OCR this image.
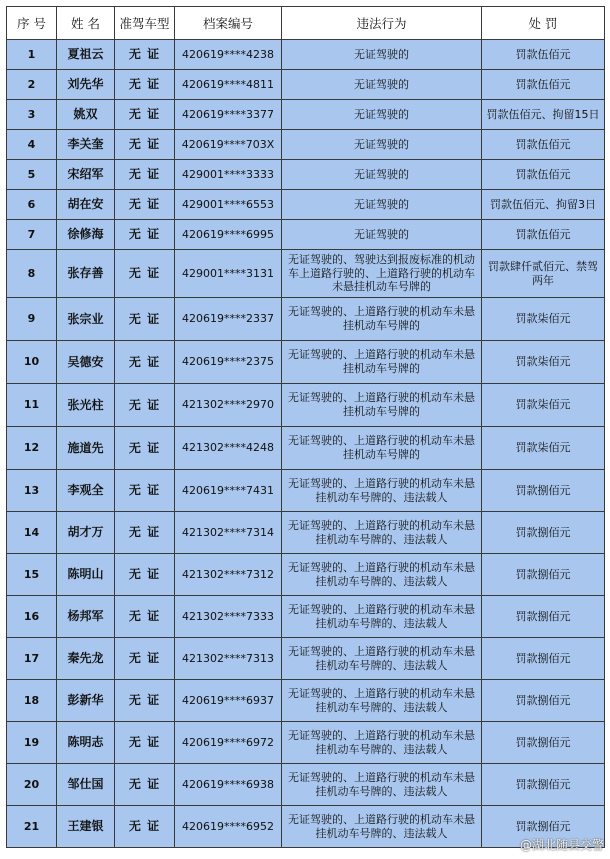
序 号	姓 名	准驾车型	档案编号	违法行为	处 罚
1	夏祖云	无 证	420619****4238	无证驾驶的	罚款伍佰元
2	刘先华	无 证	420619****4811	无证驾驶的	罚款伍佰元
3	姚双	无 证	420619****3377	无证驾驶的	罚款伍佰元、拘留15日
4	李关奎	无 证	420619****703X	无证驾驶的	罚款伍佰元
5	宋绍军	无 证	429001****3333	无证驾驶的	罚款伍佰元
6	胡在安	无 证	429001****6553	无证驾驶的	罚款伍佰元、拘留3日
7	徐修海	无 证	420619****6995	无证驾驶的	罚款伍佰元
8	张存善	无 证	429001****3131	无证驾驶的、驾驶达到报废标准的机动车上道路行驶的、上道路行驶的机动车未悬挂机动车号牌的	罚款肆仟贰佰元、禁驾两年
9	张宗业	无 证	420619****2337	无证驾驶的、上道路行驶的机动车未悬挂机动车号牌的	罚款柒佰元
10	吴德安	无 证	420619****2375	无证驾驶的、上道路行驶的机动车未悬挂机动车号牌的	罚款柒佰元
11	张光柱	无 证	421302****2970	无证驾驶的、上道路行驶的机动车未悬挂机动车号牌的	罚款柒佰元
12	施道先	无 证	421302****4248	无证驾驶的、上道路行驶的机动车未悬挂机动车号牌的	罚款柒佰元
13	李观全	无 证	420619****7431	无证驾驶的、上道路行驶的机动车未悬挂机动车号牌的、违法载人	罚款捌佰元
14	胡才万	无 证	421302****7314	无证驾驶的、上道路行驶的机动车未悬挂机动车号牌的、违法载人	罚款捌佰元
15	陈明山	无 证	421302****7312	无证驾驶的、上道路行驶的机动车未悬挂机动车号牌的、违法载人	罚款捌佰元
16	杨邦军	无 证	421302****7333	无证驾驶的、上道路行驶的机动车未悬挂机动车号牌的、违法载人	罚款捌佰元
17	秦先龙	无 证	421302****7313	无证驾驶的、上道路行驶的机动车未悬挂机动车号牌的、违法载人	罚款捌佰元
18	彭新华	无 证	420619****6937	无证驾驶的、上道路行驶的机动车未悬挂机动车号牌的、违法载人	罚款捌佰元
19	陈明志	无 证	420619****6972	无证驾驶的、上道路行驶的机动车未悬挂机动车号牌的、违法载人	罚款捌佰元
20	邹仕国	无 证	420619****6938	无证驾驶的、上道路行驶的机动车未悬挂机动车号牌的、违法载人	罚款捌佰元
21	王建银	无 证	420619****6952	无证驾驶的、上道路行驶的机动车未悬挂机动车号牌的、违法载人	罚款捌佰元
@湖北随县交警
